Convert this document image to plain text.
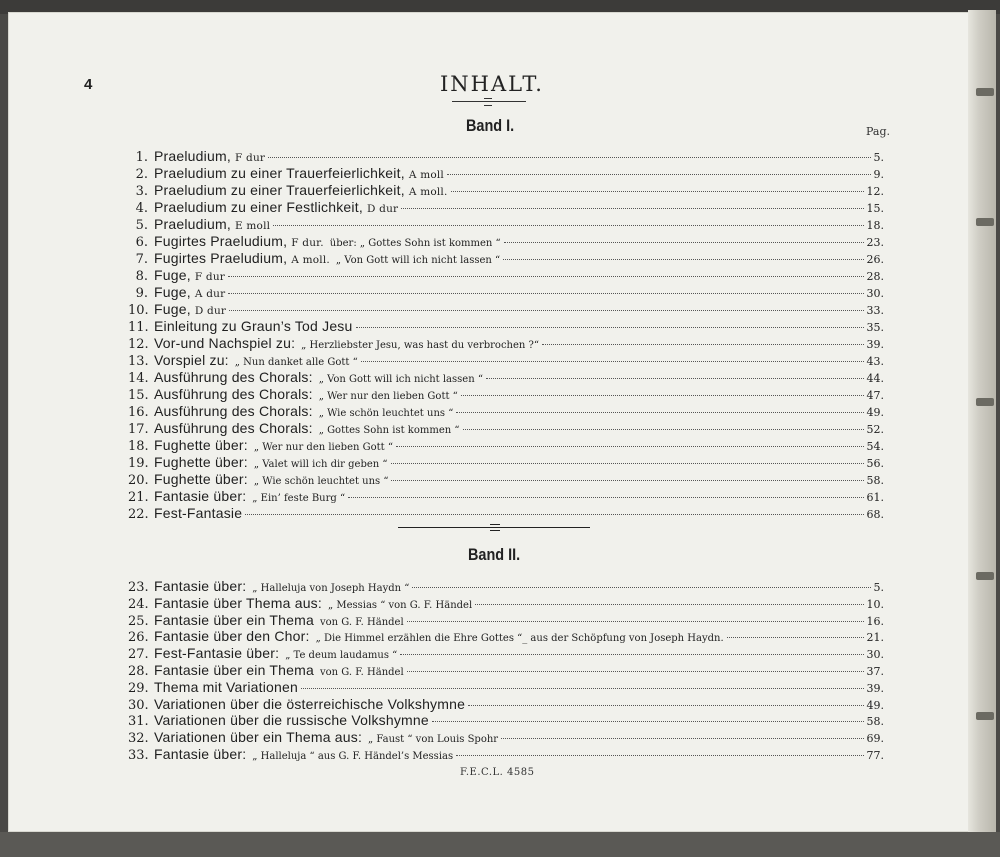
4	INHALT.
Band I.	Pag.
1. Praeludium, F dur	5.
2. Praeludium zu einer Trauerfeierlichkeit, A moll	9.
3. Praeludium zu einer Trauerfeierlichkeit, A moll.	12.
4. Praeludium zu einer Festlichkeit, D dur	15.
5. Praeludium, E moll	18.
6. Fugirtes Praeludium, F dur. über: „ Gottes Sohn ist kommen “	23.
7. Fugirtes Praeludium, A moll. „ Von Gott will ich nicht lassen “	26.
8. Fuge, F dur	28.
9. Fuge, A dur	30.
10. Fuge, D dur	33.
11. Einleitung zu Graun’s Tod Jesu	35.
12. Vor-und Nachspiel zu: „ Herzliebster Jesu, was hast du verbrochen ?“	39.
13. Vorspiel zu: „ Nun danket alle Gott “	43.
14. Ausführung des Chorals: „ Von Gott will ich nicht lassen “	44.
15. Ausführung des Chorals: „ Wer nur den lieben Gott “	47.
16. Ausführung des Chorals: „ Wie schön leuchtet uns “	49.
17. Ausführung des Chorals: „ Gottes Sohn ist kommen “	52.
18. Fughette über: „ Wer nur den lieben Gott “	54.
19. Fughette über: „ Valet will ich dir geben “	56.
20. Fughette über: „ Wie schön leuchtet uns “	58.
21. Fantasie über: „ Ein’ feste Burg “	61.
22. Fest-Fantasie	68.
Band II.
23. Fantasie über: „ Halleluja von Joseph Haydn “	5.
24. Fantasie über Thema aus: „ Messias “ von G. F. Händel	10.
25. Fantasie über ein Thema von G. F. Händel	16.
26. Fantasie über den Chor: „ Die Himmel erzählen die Ehre Gottes “_ aus der Schöpfung von Joseph Haydn.	21.
27. Fest-Fantasie über: „ Te deum laudamus “	30.
28. Fantasie über ein Thema von G. F. Händel	37.
29. Thema mit Variationen	39.
30. Variationen über die österreichische Volkshymne	49.
31. Variationen über die russische Volkshymne	58.
32. Variationen über ein Thema aus: „ Faust “ von Louis Spohr	69.
33. Fantasie über: „ Halleluja “ aus G. F. Händel’s Messias	77.
F.E.C.L. 4585
